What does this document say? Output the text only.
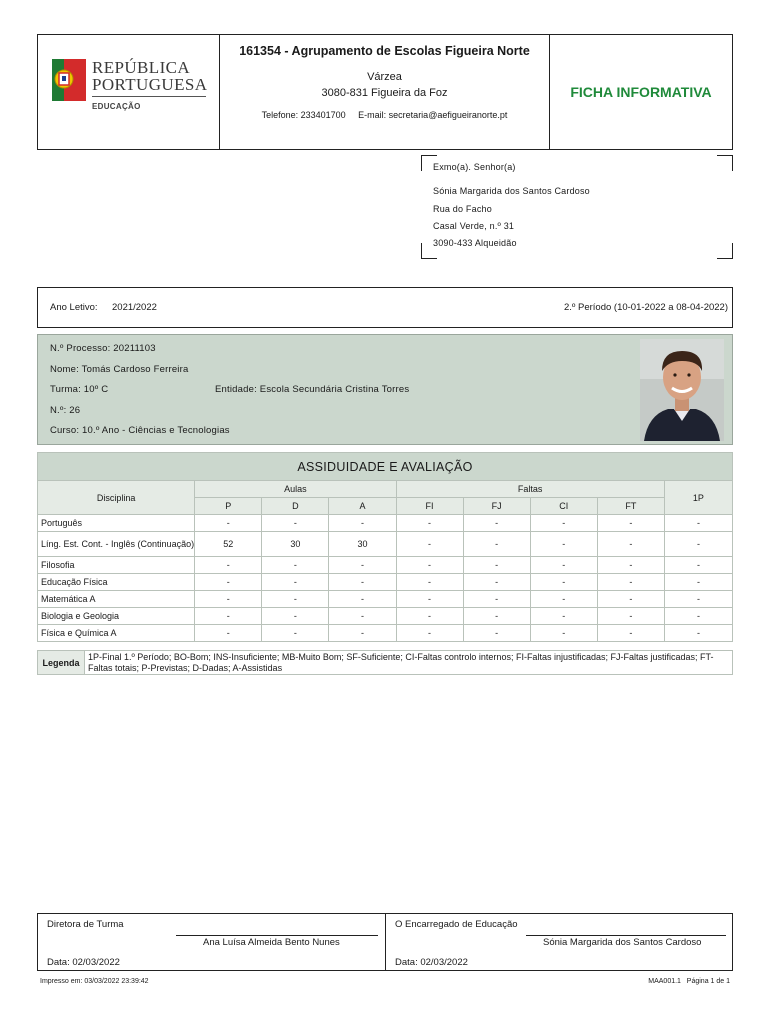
REPÚBLICA
PORTUGUESA
EDUCAÇÃO
161354 - Agrupamento de Escolas Figueira Norte
Várzea
3080-831 Figueira da Foz
Telefone: 233401700     E-mail: secretaria@aefigueiranorte.pt
FICHA INFORMATIVA
Exmo(a). Senhor(a)
Sónia Margarida dos Santos Cardoso
Rua do Facho
Casal Verde, n.º 31
3090-433 Alqueidão
Ano Letivo: 2021/2022	2.º Período (10-01-2022 a 08-04-2022)
N.º Processo: 20211103
Nome: Tomás Cardoso Ferreira
Turma: 10º C	Entidade: Escola Secundária Cristina Torres
N.º: 26
Curso: 10.º Ano - Ciências e Tecnologias
ASSIDUIDADE E AVALIAÇÃO								
Disciplina	Aulas			Faltas				1P
	P	D	A	FI	FJ	CI	FT	
Português	-	-	-	-	-	-	-	-
Líng. Est. Cont. - Inglês (Continuação)	52	30	30	-	-	-	-	-
Filosofia	-	-	-	-	-	-	-	-
Educação Física	-	-	-	-	-	-	-	-
Matemática A	-	-	-	-	-	-	-	-
Biologia e Geologia	-	-	-	-	-	-	-	-
Física e Química A	-	-	-	-	-	-	-	-
Legenda
1P-Final 1.º Período; BO-Bom; INS-Insuficiente; MB-Muito Bom; SF-Suficiente; CI-Faltas controlo internos; FI-Faltas injustificadas; FJ-Faltas justificadas; FT-Faltas totais; P-Previstas; D-Dadas; A-Assistidas
Diretora de Turma
Ana Luísa Almeida Bento Nunes
Data: 02/03/2022
O Encarregado de Educação
Sónia Margarida dos Santos Cardoso
Data: 02/03/2022
Impresso em: 03/03/2022 23:39:42	MAA001.1   Página 1 de 1
